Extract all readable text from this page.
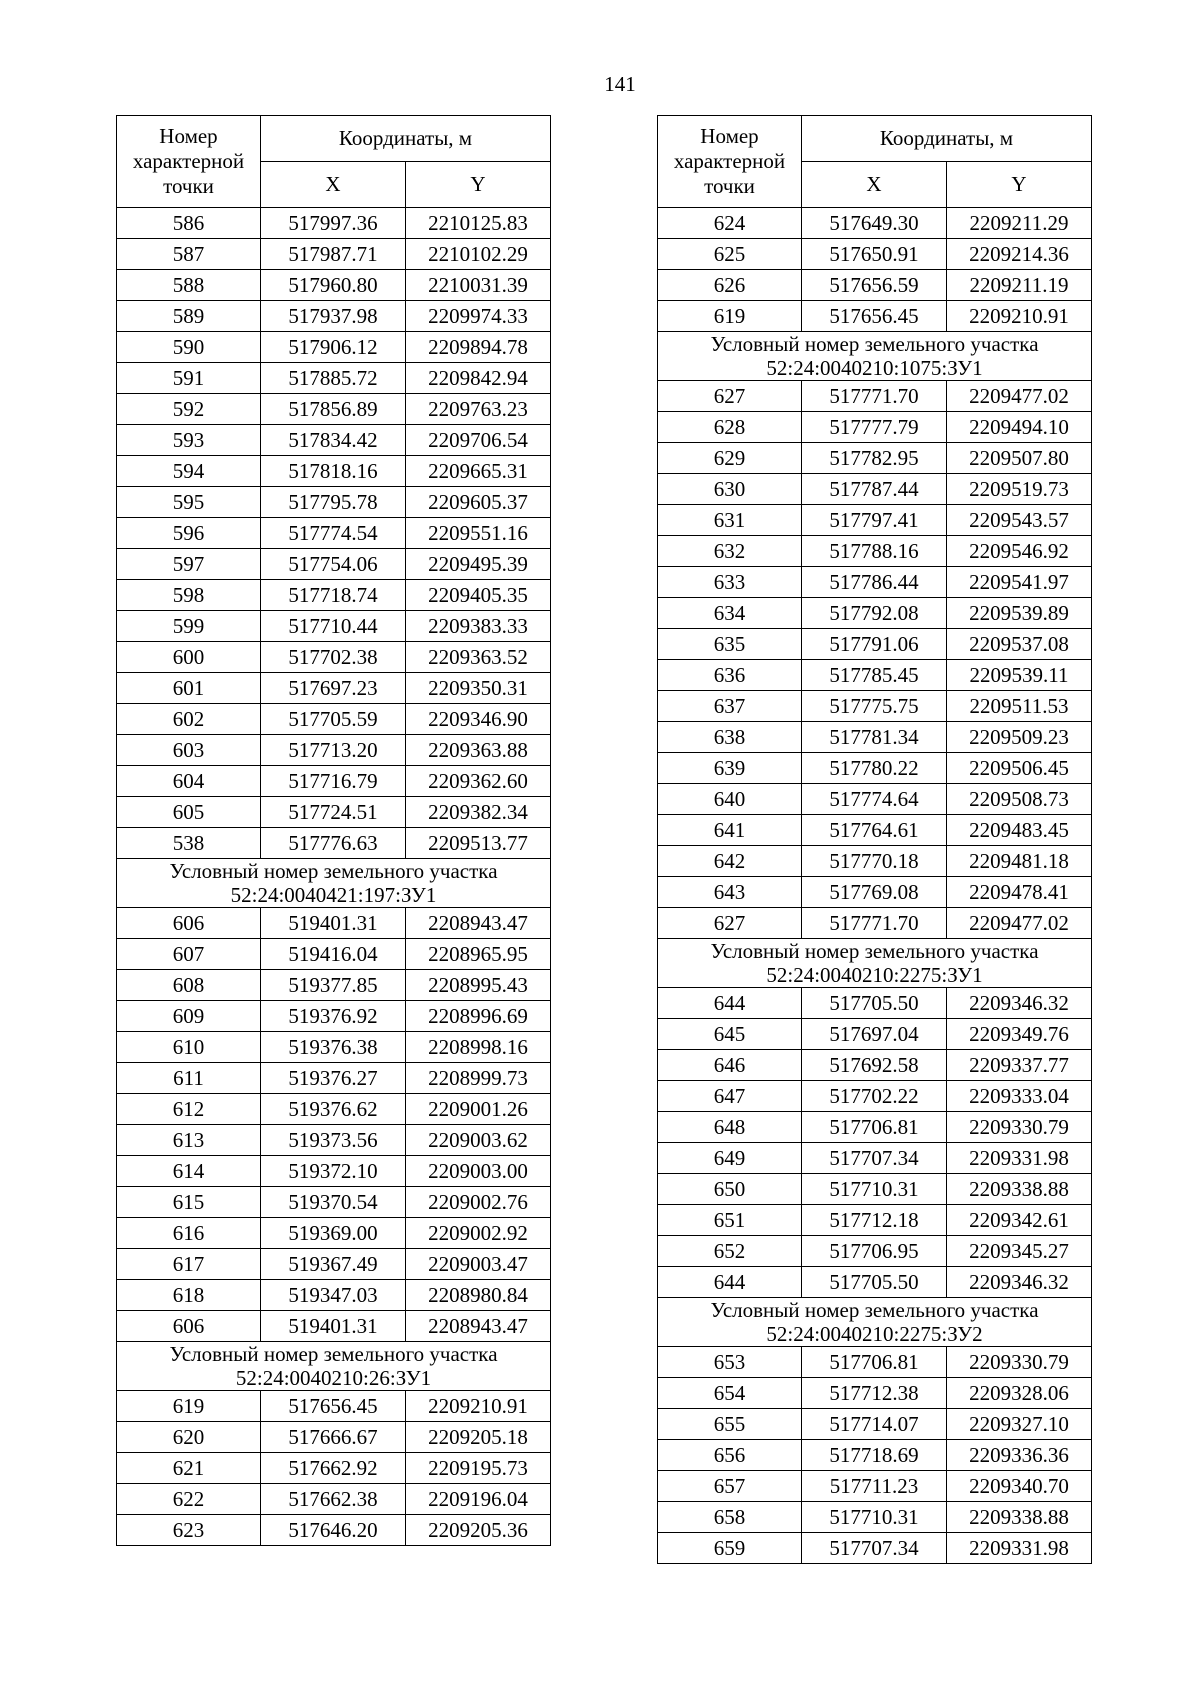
141
Номер характерной точки	Координаты, м	
	X	Y
586	517997.36	2210125.83
587	517987.71	2210102.29
588	517960.80	2210031.39
589	517937.98	2209974.33
590	517906.12	2209894.78
591	517885.72	2209842.94
592	517856.89	2209763.23
593	517834.42	2209706.54
594	517818.16	2209665.31
595	517795.78	2209605.37
596	517774.54	2209551.16
597	517754.06	2209495.39
598	517718.74	2209405.35
599	517710.44	2209383.33
600	517702.38	2209363.52
601	517697.23	2209350.31
602	517705.59	2209346.90
603	517713.20	2209363.88
604	517716.79	2209362.60
605	517724.51	2209382.34
538	517776.63	2209513.77

Условный номер земельного участка
52:24:0040421:197:ЗУ1		

606	519401.31	2208943.47
607	519416.04	2208965.95
608	519377.85	2208995.43
609	519376.92	2208996.69
610	519376.38	2208998.16
611	519376.27	2208999.73
612	519376.62	2209001.26
613	519373.56	2209003.62
614	519372.10	2209003.00
615	519370.54	2209002.76
616	519369.00	2209002.92
617	519367.49	2209003.47
618	519347.03	2208980.84
606	519401.31	2208943.47

Условный номер земельного участка
52:24:0040210:26:ЗУ1		

619	517656.45	2209210.91
620	517666.67	2209205.18
621	517662.92	2209195.73
622	517662.38	2209196.04
623	517646.20	2209205.36
Номер характерной точки	Координаты, м	
	X	Y
624	517649.30	2209211.29
625	517650.91	2209214.36
626	517656.59	2209211.19
619	517656.45	2209210.91

Условный номер земельного участка
52:24:0040210:1075:ЗУ1		

627	517771.70	2209477.02
628	517777.79	2209494.10
629	517782.95	2209507.80
630	517787.44	2209519.73
631	517797.41	2209543.57
632	517788.16	2209546.92
633	517786.44	2209541.97
634	517792.08	2209539.89
635	517791.06	2209537.08
636	517785.45	2209539.11
637	517775.75	2209511.53
638	517781.34	2209509.23
639	517780.22	2209506.45
640	517774.64	2209508.73
641	517764.61	2209483.45
642	517770.18	2209481.18
643	517769.08	2209478.41
627	517771.70	2209477.02

Условный номер земельного участка
52:24:0040210:2275:ЗУ1		

644	517705.50	2209346.32
645	517697.04	2209349.76
646	517692.58	2209337.77
647	517702.22	2209333.04
648	517706.81	2209330.79
649	517707.34	2209331.98
650	517710.31	2209338.88
651	517712.18	2209342.61
652	517706.95	2209345.27
644	517705.50	2209346.32

Условный номер земельного участка
52:24:0040210:2275:ЗУ2		

653	517706.81	2209330.79
654	517712.38	2209328.06
655	517714.07	2209327.10
656	517718.69	2209336.36
657	517711.23	2209340.70
658	517710.31	2209338.88
659	517707.34	2209331.98
